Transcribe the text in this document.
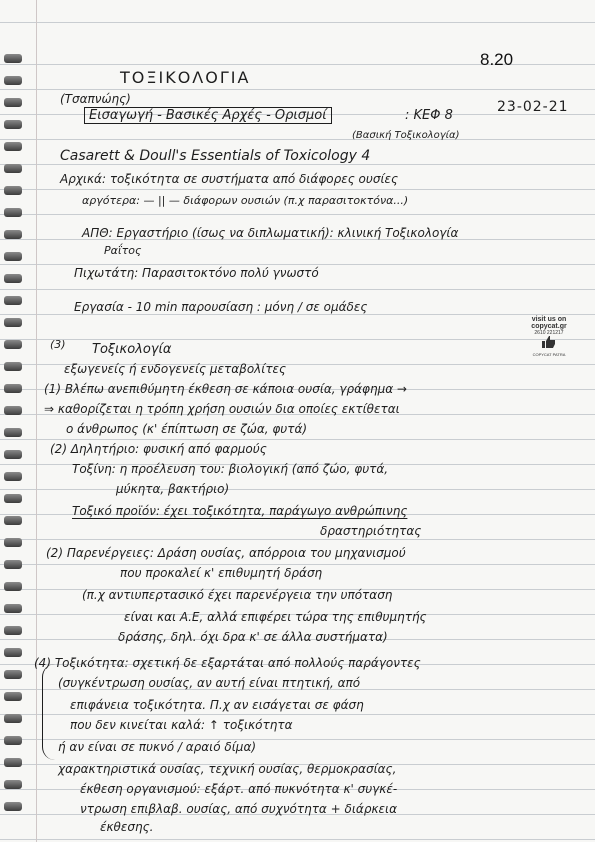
8.20
ΤΟΞΙΚΟΛΟΓΙΑ
(Τσαπνώης)	23-02-21
Εισαγωγή - Βασικές Αρχές - Ορισμοί	: ΚΕΦ 8
(Βασική Τοξικολογία)
Casarett & Doull's Essentials of Toxicology 4
Αρχικά: τοξικότητα σε συστήματα από διάφορες ουσίες
αργότερα: — || — διάφορων ουσιών (π.χ παρασιτοκτόνα...)
ΑΠΘ: Εργαστήριο (ίσως να διπλωματική): κλινική Τοξικολογία
Ραΐτος
Πιχωτάτη: Παρασιτοκτόνο πολύ γνωστό
Εργασία - 10 min παρουσίαση : μόνη / σε ομάδες
visit us on
copycat.gr
2610 221217
COPYCAT PATRA
(3) Τοξικολογία
εξωγενείς ή ενδογενείς μεταβολίτες
(1) Βλέπω ανεπιθύμητη έκθεση σε κάποια ουσία, γράφημα →
⇒ καθορίζεται η τρόπη χρήση ουσιών δια οποίες εκτίθεται
ο άνθρωπος (κ' έπίπτωση σε ζώα, φυτά)
(2) Δηλητήριο: φυσική από φαρμούς
Τοξίνη: η προέλευση του: βιολογική (από ζώο, φυτά,
μύκητα, βακτήριο)
Τοξικό προϊόν: έχει τοξικότητα, παράγωγο ανθρώπινης
δραστηριότητας
(2) Παρενέργειες: Δράση ουσίας, απόρροια του μηχανισμού
που προκαλεί κ' επιθυμητή δράση
(π.χ αντιυπερτασικό έχει παρενέργεια την υπόταση
είναι και Α.Ε, αλλά επιφέρει τώρα της επιθυμητής
δράσης, δηλ. όχι δρα κ' σε άλλα συστήματα)
(4) Τοξικότητα: σχετική δε εξαρτάται από πολλούς παράγοντες
(συγκέντρωση ουσίας, αν αυτή είναι πτητική, από
επιφάνεια τοξικότητα. Π.χ αν εισάγεται σε φάση
που δεν κινείται καλά: ↑ τοξικότητα
ή αν είναι σε πυκνό / αραιό δίμα)
χαρακτηριστικά ουσίας, τεχνική ουσίας, θερμοκρασίας,
έκθεση οργανισμού: εξάρτ. από πυκνότητα κ' συγκέ-
ντρωση επιβλαβ. ουσίας, από συχνότητα + διάρκεια
έκθεσης.
